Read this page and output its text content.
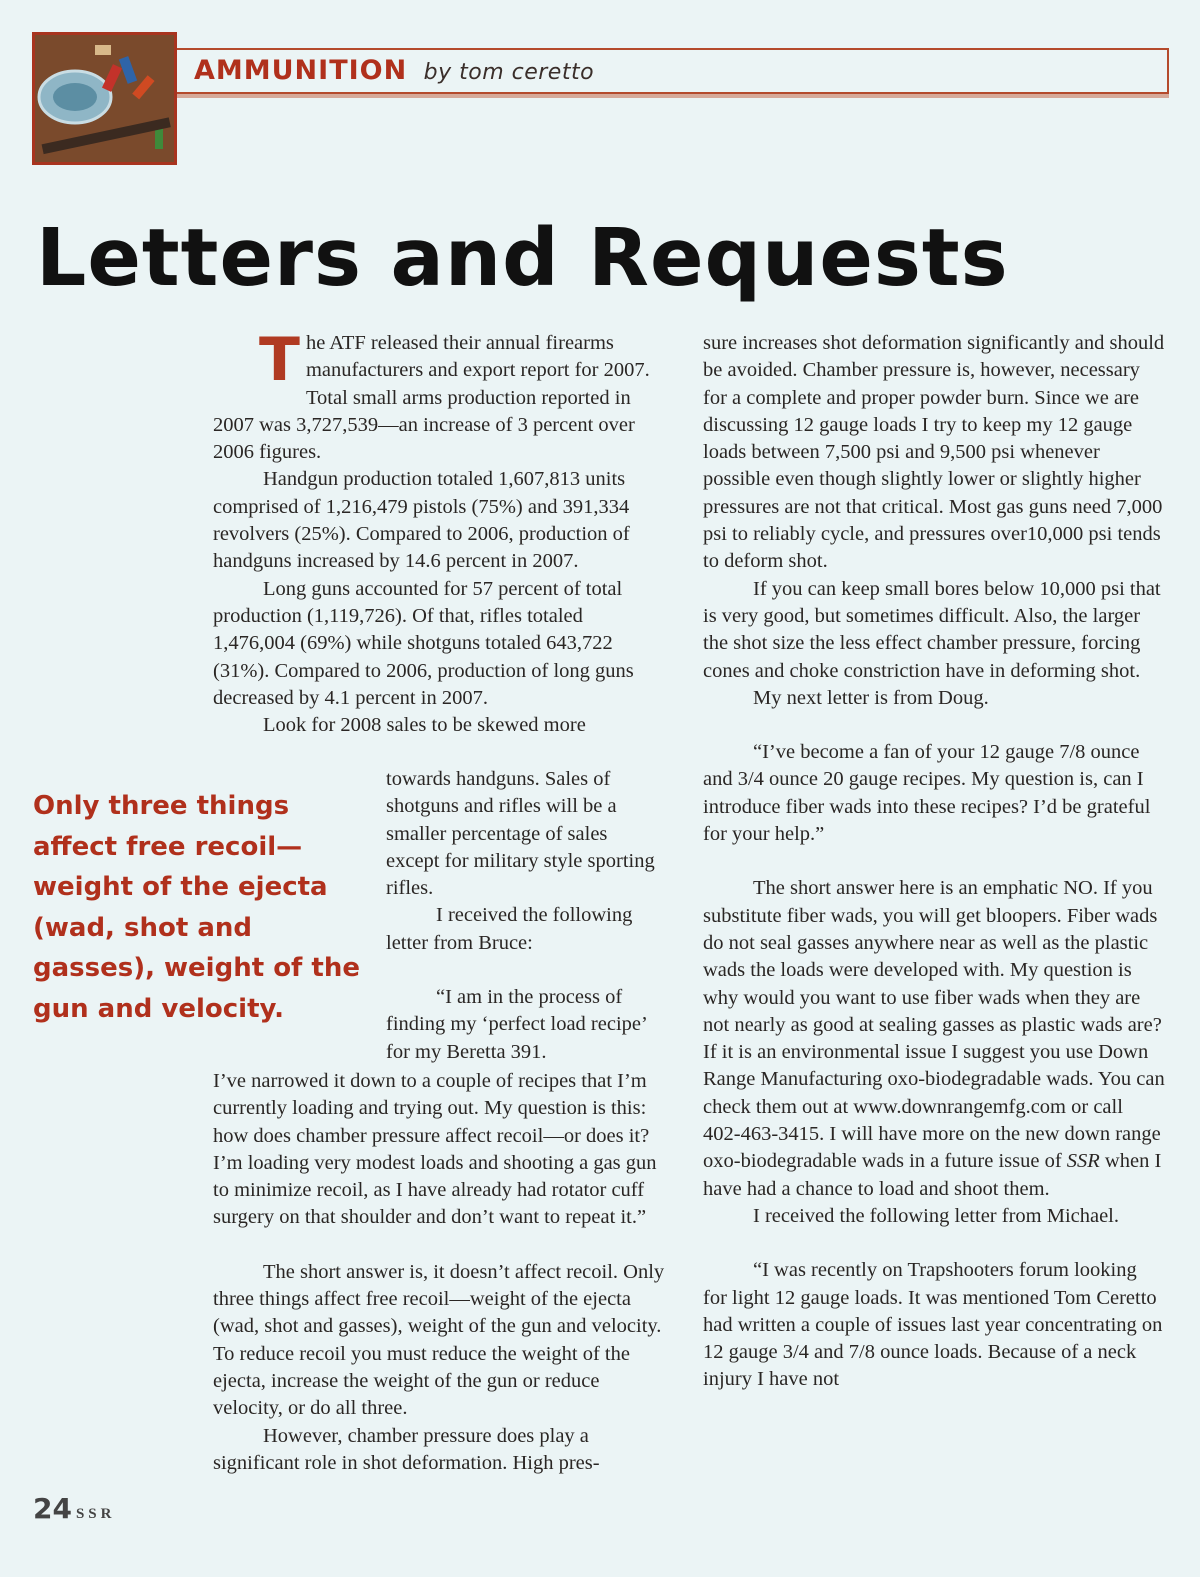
AMMUNITION by tom ceretto
Letters and Requests

The ATF released their annual firearms manufacturers and export report for 2007. Total small arms production reported in 2007 was 3,727,539—an increase of 3 percent over 2006 figures.

Handgun production totaled 1,607,813 units comprised of 1,216,479 pistols (75%) and 391,334 revolvers (25%). Compared to 2006, production of handguns increased by 14.6 percent in 2007.

Long guns accounted for 57 percent of total production (1,119,726). Of that, rifles totaled 1,476,004 (69%) while shotguns totaled 643,722 (31%). Compared to 2006, production of long guns decreased by 4.1 percent in 2007.

Look for 2008 sales to be skewed more

Only three things affect free recoil—weight of the ejecta (wad, shot and gasses), weight of the gun and velocity.

towards handguns. Sales of shotguns and rifles will be a smaller percentage of sales except for military style sporting rifles.

I received the following letter from Bruce:

“I am in the process of finding my ‘perfect load recipe’ for my Beretta 391.

I’ve narrowed it down to a couple of recipes that I’m currently loading and trying out. My question is this: how does chamber pressure affect recoil—or does it? I’m loading very modest loads and shooting a gas gun to minimize recoil, as I have already had rotator cuff surgery on that shoulder and don’t want to repeat it.”

The short answer is, it doesn’t affect recoil. Only three things affect free recoil—weight of the ejecta (wad, shot and gasses), weight of the gun and velocity. To reduce recoil you must reduce the weight of the ejecta, increase the weight of the gun or reduce velocity, or do all three.

However, chamber pressure does play a significant role in shot deformation. High pres-

sure increases shot deformation significantly and should be avoided. Chamber pressure is, however, necessary for a complete and proper powder burn. Since we are discussing 12 gauge loads I try to keep my 12 gauge loads between 7,500 psi and 9,500 psi whenever possible even though slightly lower or slightly higher pressures are not that critical. Most gas guns need 7,000 psi to reliably cycle, and pressures over10,000 psi tends to deform shot.

If you can keep small bores below 10,000 psi that is very good, but sometimes difficult. Also, the larger the shot size the less effect chamber pressure, forcing cones and choke constriction have in deforming shot.

My next letter is from Doug.

“I’ve become a fan of your 12 gauge 7/8 ounce and 3/4 ounce 20 gauge recipes. My question is, can I introduce fiber wads into these recipes? I’d be grateful for your help.”

The short answer here is an emphatic NO. If you substitute fiber wads, you will get bloopers. Fiber wads do not seal gasses anywhere near as well as the plastic wads the loads were developed with. My question is why would you want to use fiber wads when they are not nearly as good at sealing gasses as plastic wads are? If it is an environmental issue I suggest you use Down Range Manufacturing oxo-biodegradable wads. You can check them out at www.downrangemfg.com or call 402-463-3415. I will have more on the new down range oxo-biodegradable wads in a future issue of SSR when I have had a chance to load and shoot them.

I received the following letter from Michael.

“I was recently on Trapshooters forum looking for light 12 gauge loads. It was mentioned Tom Ceretto had written a couple of issues last year concentrating on 12 gauge 3/4 and 7/8 ounce loads. Because of a neck injury I have not

24 SSR
